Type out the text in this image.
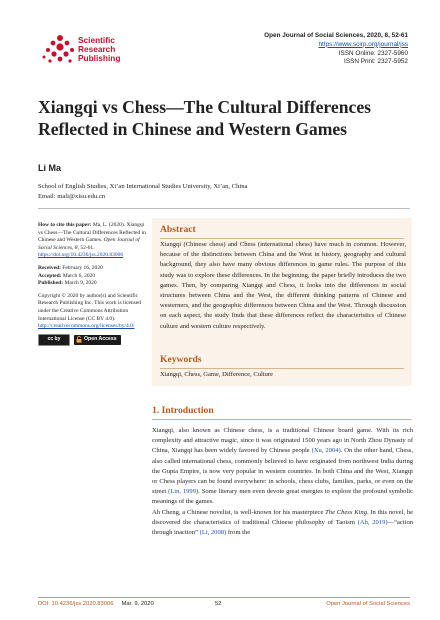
Scientific
Research
Publishing
Open Journal of Social Sciences, 2020, 8, 52-61
https://www.scirp.org/journal/jss
ISSN Online: 2327-5960
ISSN Print: 2327-5952
Xiangqi vs Chess—The Cultural Differences Reflected in Chinese and Western Games
Li Ma
School of English Studies, Xi’an International Studies University, Xi’an, China
Email: mali@xisu.edu.cn

How to cite this paper: Ma, L. (2020). Xiangqi vs Chess—The Cultural Differences Reflected in Chinese and Western Games. Open Journal of Social Sciences, 8, 52-61.
https://doi.org/10.4236/jss.2020.83006

Received: February 16, 2020
Accepted: March 6, 2020
Published: March 9, 2020

Copyright © 2020 by author(s) and Scientific Research Publishing Inc. This work is licensed under the Creative Commons Attribution International License (CC BY 4.0).
http://creativecommons.org/licenses/by/4.0/

cc by	Open Access
Abstract
Xiangqi (Chinese chess) and Chess (international chess) have much in common. However, because of the distinctions between China and the West in history, geography and cultural background, they also have many obvious differences in game rules. The purpose of this study was to explore these differences. In the beginning, the paper briefly introduces the two games. Then, by comparing Xiangqi and Chess, it looks into the differences in social structures between China and the West, the different thinking patterns of Chinese and westerners, and the geographic differences between China and the West. Through discussion on each aspect, the study finds that these differences reflect the characteristics of Chinese culture and western culture respectively.
Keywords
Xiangqi, Chess, Game, Difference, Culture
1. Introduction

Xiangqi, also known as Chinese chess, is a traditional Chinese board game. With its rich complexity and attractive magic, since it was originated 1500 years ago in North Zhou Dynasty of China, Xiangqi has been widely favored by Chinese people (Xu, 2004). On the other hand, Chess, also called international chess, commonly believed to have originated from northwest India during the Gupta Empire, is now very popular in western countries. In both China and the West, Xiangqi or Chess players can be found everywhere: in schools, chess clubs, families, parks, or even on the street (Lin, 1999). Some literary men even devote great energies to explore the profound symbolic meanings of the games.

Ah Cheng, a Chinese novelist, is well-known for his masterpiece The Chess King. In this novel, he discovered the characteristics of traditional Chinese philosophy of Taoism (Ah, 2019)—“action through inaction” (Li, 2008) from the

DOI: 10.4236/jss.2020.83006 Mar. 9, 2020	52	Open Journal of Social Sciences
